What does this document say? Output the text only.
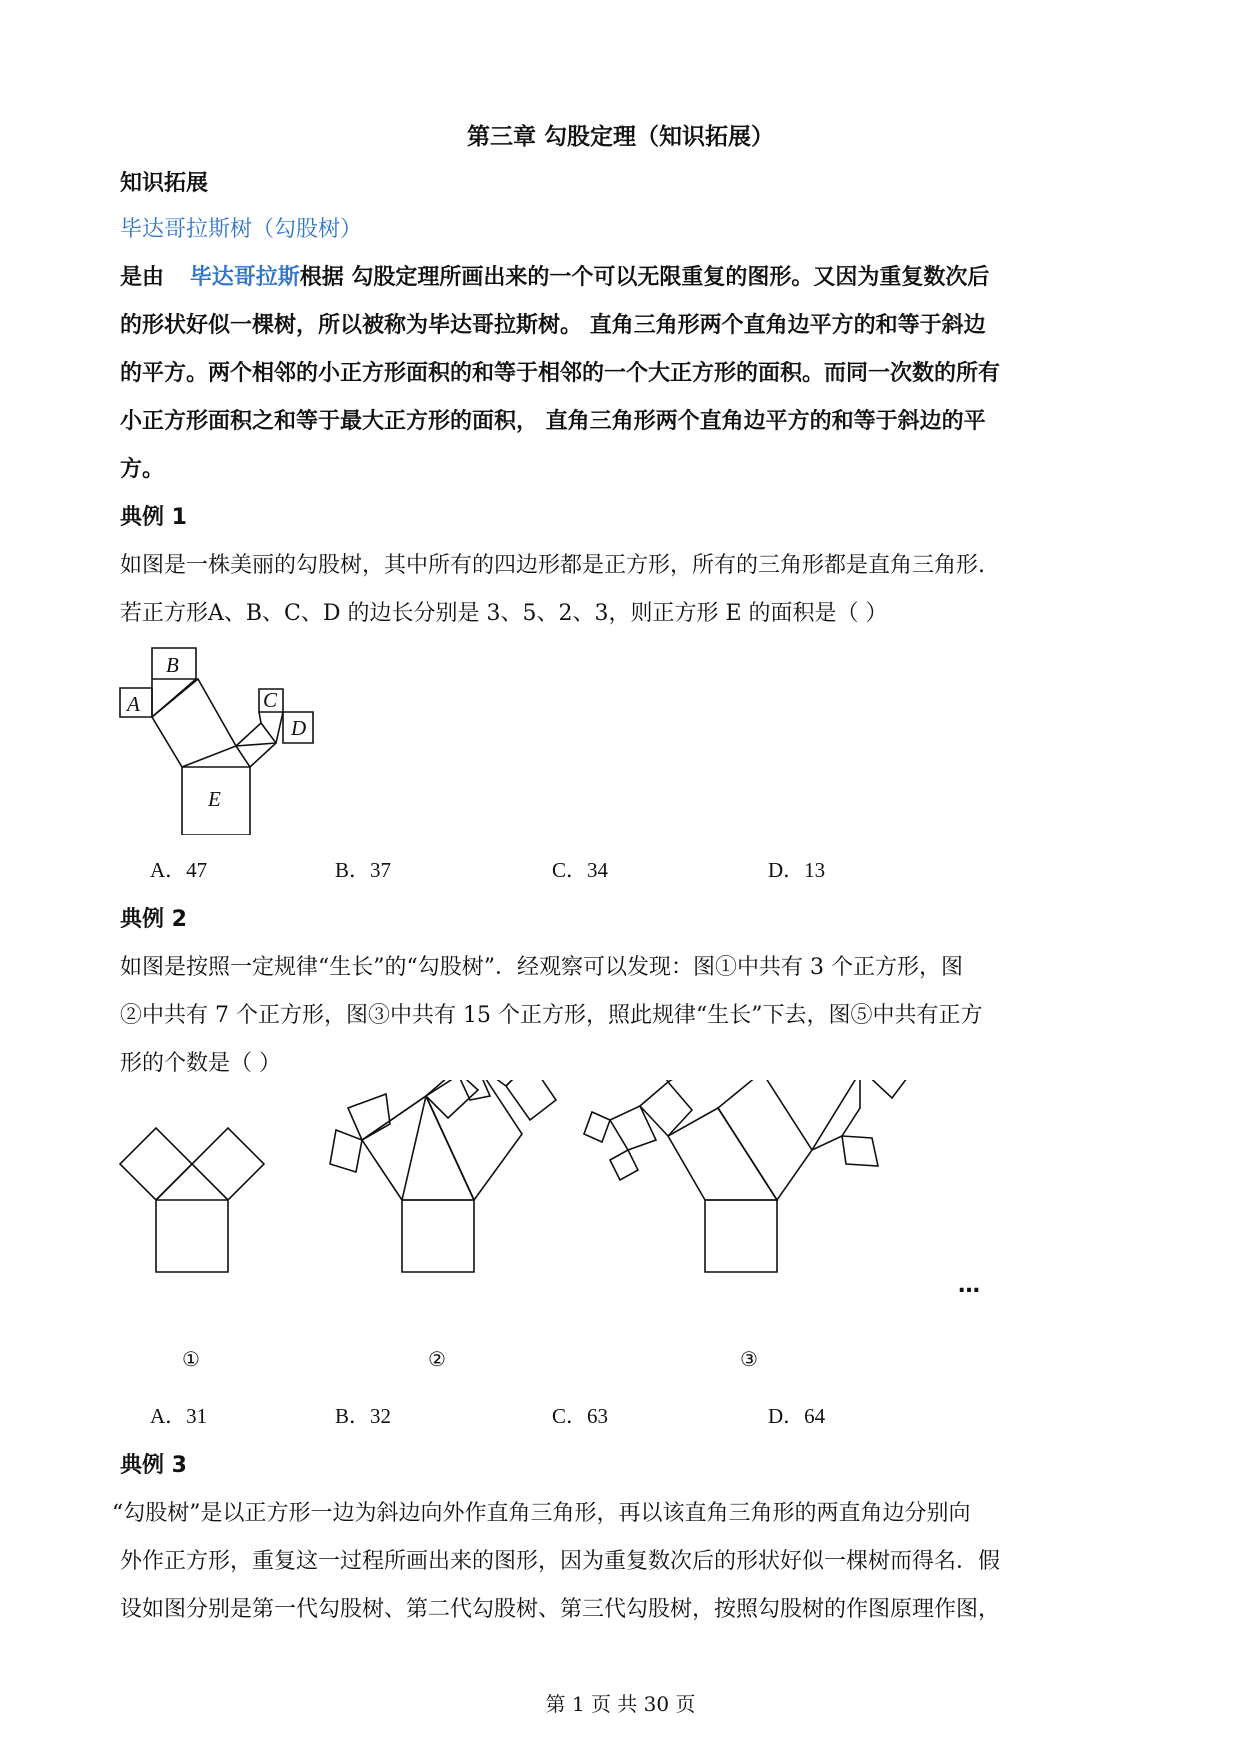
第三章 勾股定理（知识拓展）
知识拓展
毕达哥拉斯树（勾股树）
是由 毕达哥拉斯根据 勾股定理所画出来的一个可以无限重复的图形。又因为重复数次后
的形状好似一棵树，所以被称为毕达哥拉斯树。 直角三角形两个直角边平方的和等于斜边
的平方。两个相邻的小正方形面积的和等于相邻的一个大正方形的面积。而同一次数的所有
小正方形面积之和等于最大正方形的面积， 直角三角形两个直角边平方的和等于斜边的平
方。
典例 1
如图是一株美丽的勾股树，其中所有的四边形都是正方形，所有的三角形都是直角三角形.
若正方形A、B、C、D 的边长分别是 3、5、2、3，则正方形 E 的面积是（ ）
A
B
C
D
E
A．47	B．37	C．34	D．13
典例 2
如图是按照一定规律“生长”的“勾股树”．经观察可以发现：图①中共有 3 个正方形，图
②中共有 7 个正方形，图③中共有 15 个正方形，照此规律“生长”下去，图⑤中共有正方
形的个数是（ ）
…
①	②	③
A．31	B．32	C．63	D．64
典例 3
“勾股树”是以正方形一边为斜边向外作直角三角形，再以该直角三角形的两直角边分别向
外作正方形，重复这一过程所画出来的图形，因为重复数次后的形状好似一棵树而得名．假
设如图分别是第一代勾股树、第二代勾股树、第三代勾股树，按照勾股树的作图原理作图，
第 1 页 共 30 页
